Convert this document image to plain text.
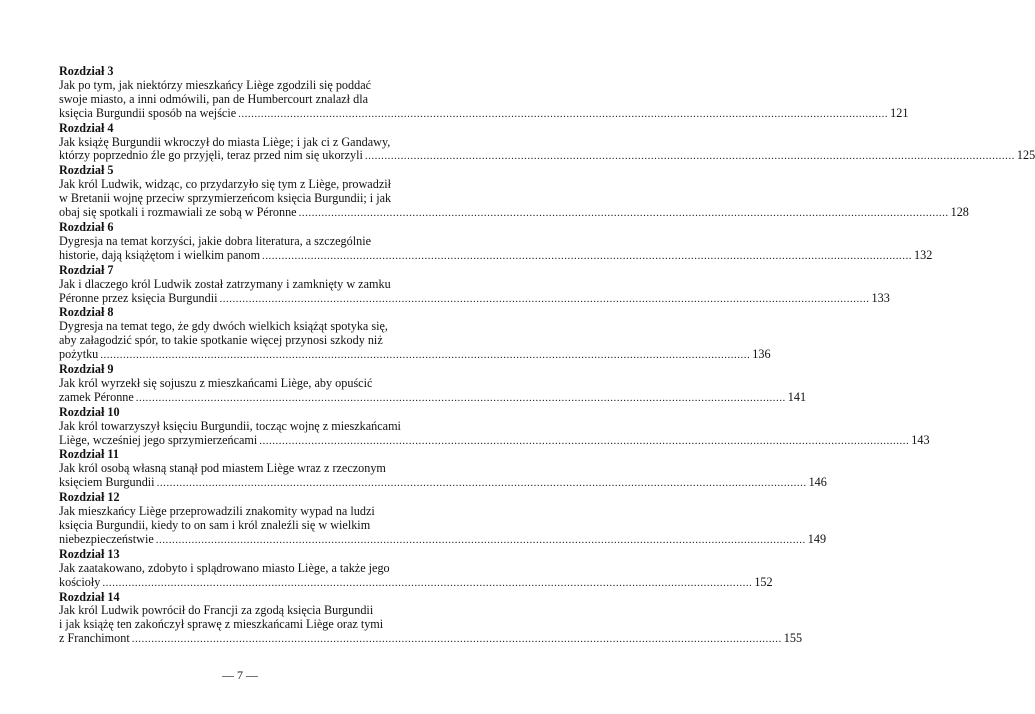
Rozdział 3
Jak po tym, jak niektórzy mieszkańcy Liège zgodzili się poddać
swoje miasto, a inni odmówili, pan de Humbercourt znalazł dla
księcia Burgundii sposób na wejście ........................................................................................................................................................................................................ 121
Rozdział 4
Jak książę Burgundii wkroczył do miasta Liège; i jak ci z Gandawy,
którzy poprzednio źle go przyjęli, teraz przed nim się ukorzyli ........................................................................................................................................................................................................ 125
Rozdział 5
Jak król Ludwik, widząc, co przydarzyło się tym z Liège, prowadził
w Bretanii wojnę przeciw sprzymierzeńcom księcia Burgundii; i jak
obaj się spotkali i rozmawiali ze sobą w Péronne ........................................................................................................................................................................................................ 128
Rozdział 6
Dygresja na temat korzyści, jakie dobra literatura, a szczególnie
historie, dają książętom i wielkim panom ........................................................................................................................................................................................................ 132
Rozdział 7
Jak i dlaczego król Ludwik został zatrzymany i zamknięty w zamku
Péronne przez księcia Burgundii ........................................................................................................................................................................................................ 133
Rozdział 8
Dygresja na temat tego, że gdy dwóch wielkich książąt spotyka się,
aby załagodzić spór, to takie spotkanie więcej przynosi szkody niż
pożytku ........................................................................................................................................................................................................ 136
Rozdział 9
Jak król wyrzekł się sojuszu z mieszkańcami Liège, aby opuścić
zamek Péronne ........................................................................................................................................................................................................ 141
Rozdział 10
Jak król towarzyszył księciu Burgundii, tocząc wojnę z mieszkańcami
Liège, wcześniej jego sprzymierzeńcami ........................................................................................................................................................................................................ 143
Rozdział 11
Jak król osobą własną stanął pod miastem Liège wraz z rzeczonym
księciem Burgundii ........................................................................................................................................................................................................ 146
Rozdział 12
Jak mieszkańcy Liège przeprowadzili znakomity wypad na ludzi
księcia Burgundii, kiedy to on sam i król znaleźli się w wielkim
niebezpieczeństwie ........................................................................................................................................................................................................ 149
Rozdział 13
Jak zaatakowano, zdobyto i splądrowano miasto Liège, a także jego
kościoły ........................................................................................................................................................................................................ 152
Rozdział 14
Jak król Ludwik powrócił do Francji za zgodą księcia Burgundii
i jak książę ten zakończył sprawę z mieszkańcami Liège oraz tymi
z Franchimont ........................................................................................................................................................................................................ 155
— 7 —
